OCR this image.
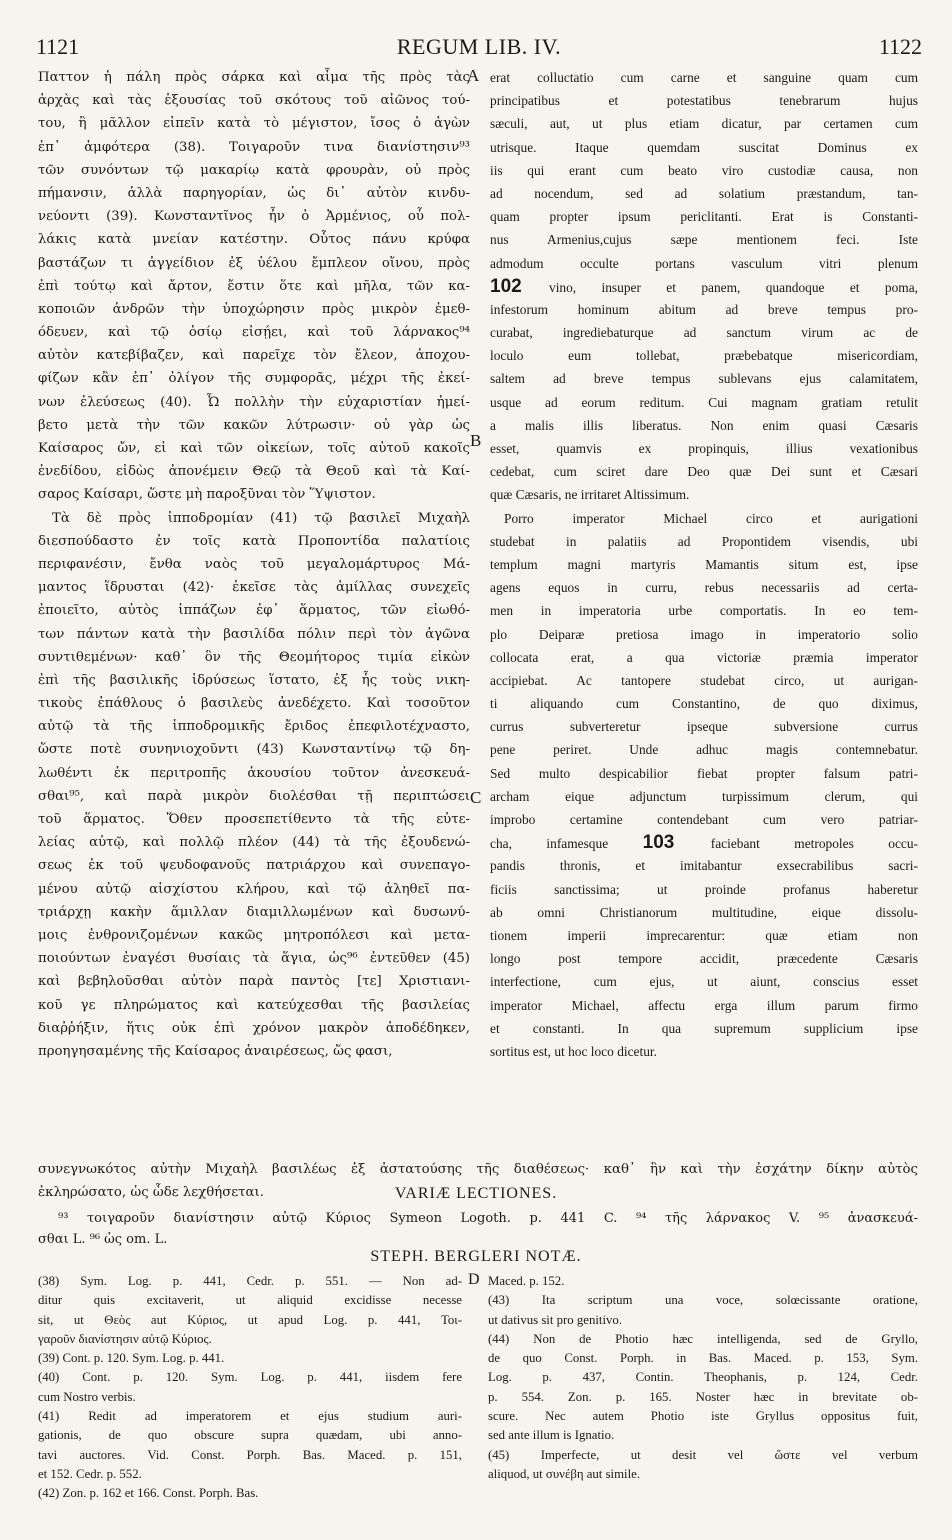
1121	REGUM LIB. IV.	1122
Παττον ἡ πάλη πρὸς σάρκα καὶ αἷμα τῆς πρὸς τὰς
ἀρχὰς καὶ τὰς ἐξουσίας τοῦ σκότους τοῦ αἰῶνος τού-
του, ἢ μᾶλλον εἰπεῖν κατὰ τὸ μέγιστον, ἴσος ὁ ἀγὼν
ἐπ᾿ ἀμφότερα (38). Τοιγαροῦν τινα διανίστησιν⁹³
τῶν συνόντων τῷ μακαρίῳ κατὰ φρουρὰν, οὐ πρὸς
πήμανσιν, ἀλλὰ παρηγορίαν, ὡς δι᾿ αὐτὸν κινδυ-
νεύοντι (39). Κωνσταντῖνος ἦν ὁ Ἀρμένιος, οὗ πολ-
λάκις κατὰ μνείαν κατέστην. Οὗτος πάνυ κρύφα
βαστάζων τι ἀγγείδιον ἐξ ὑέλου ἔμπλεον οἴνου, πρὸς
ἐπὶ τούτῳ καὶ ἄρτον, ἔστιν ὅτε καὶ μῆλα, τῶν κα-
κοποιῶν ἀνδρῶν τὴν ὑποχώρησιν πρὸς μικρὸν ἐμεθ-
όδευεν, καὶ τῷ ὁσίῳ εἰσῄει, καὶ τοῦ λάρνακος⁹⁴
αὐτὸν κατεβίβαζεν, καὶ παρεῖχε τὸν ἔλεον, ἀποχου-
φίζων κἂν ἐπ᾿ ὀλίγον τῆς συμφορᾶς, μέχρι τῆς ἐκεί-
νων ἐλεύσεως (40). Ὦ πολλὴν τὴν εὐχαριστίαν ἠμεί-
βετο μετὰ τὴν τῶν κακῶν λύτρωσιν· οὐ γὰρ ὡς
Καίσαρος ὤν, εἰ καὶ τῶν οἰκείων, τοῖς αὐτοῦ κακοῖς
ἐνεδίδου, εἰδὼς ἀπονέμειν Θεῷ τὰ Θεοῦ καὶ τὰ Καί-
σαρος Καίσαρι, ὥστε μὴ παροξῦναι τὸν Ὕψιστον.
Τὰ δὲ πρὸς ἱπποδρομίαν (41) τῷ βασιλεῖ Μιχαὴλ
διεσπούδαστο ἐν τοῖς κατὰ Προποντίδα παλατίοις
περιφανέσιν, ἔνθα ναὸς τοῦ μεγαλομάρτυρος Μά-
μαντος ἵδρυσται (42)· ἐκεῖσε τὰς ἁμίλλας συνεχεῖς
ἐποιεῖτο, αὐτὸς ἱππάζων ἐφ᾿ ἅρματος, τῶν εἰωθό-
των πάντων κατὰ τὴν βασιλίδα πόλιν περὶ τὸν ἀγῶνα
συντιθεμένων· καθ᾿ ὃν τῆς Θεομήτορος τιμία εἰκὼν
ἐπὶ τῆς βασιλικῆς ἱδρύσεως ἵστατο, ἐξ ἧς τοὺς νικη-
τικοὺς ἐπάθλους ὁ βασιλεὺς ἀνεδέχετο. Καὶ τοσοῦτον
αὐτῷ τὰ τῆς ἱπποδρομικῆς ἔριδος ἐπεφιλοτέχναστο,
ὥστε ποτὲ συνηνιοχοῦντι (43) Κωνσταντίνῳ τῷ δη-
λωθέντι ἐκ περιτροπῆς ἀκουσίου τοῦτον ἀνεσκευά-
σθαι⁹⁵, καὶ παρὰ μικρὸν διολέσθαι τῇ περιπτώσει
τοῦ ἅρματος. Ὅθεν προσεπετίθεντο τὰ τῆς εὐτε-
λείας αὐτῷ, καὶ πολλῷ πλέον (44) τὰ τῆς ἐξουδενώ-
σεως ἐκ τοῦ ψευδοφανοῦς πατριάρχου καὶ συνεπαγο-
μένου αὐτῷ αἰσχίστου κλήρου, καὶ τῷ ἀληθεῖ πα-
τριάρχῃ κακὴν ἅμιλλαν διαμιλλωμένων καὶ δυσωνύ-
μοις ἐνθρονιζομένων κακῶς μητροπόλεσι καὶ μετα-
ποιούντων ἐναγέσι θυσίαις τὰ ἅγια, ὡς⁹⁶ ἐντεῦθεν (45)
καὶ βεβηλοῦσθαι αὐτὸν παρὰ παντὸς [τε] Χριστιανι-
κοῦ γε πληρώματος καὶ κατεύχεσθαι τῆς βασιλείας
διαῤῥήξιν, ἥτις οὐκ ἐπὶ χρόνον μακρὸν ἀποδέδηκεν,
προηγησαμένης τῆς Καίσαρος ἀναιρέσεως, ὥς φασι,
erat colluctatio cum carne et sanguine quam cum
principatibus et potestatibus tenebrarum hujus
sæculi, aut, ut plus etiam dicatur, par certamen cum
utrisque. Itaque quemdam suscitat Dominus ex
iis qui erant cum beato viro custodiæ causa, non
ad nocendum, sed ad solatium præstandum, tan-
quam propter ipsum periclitanti. Erat is Constanti-
nus Armenius,cujus sæpe mentionem feci. Iste
admodum occulte portans vasculum vitri plenum
102 vino, insuper et panem, quandoque et poma,
infestorum hominum abitum ad breve tempus pro-
curabat, ingrediebaturque ad sanctum virum ac de
loculo eum tollebat, præbebatque misericordiam,
saltem ad breve tempus sublevans ejus calamitatem,
usque ad eorum reditum. Cui magnam gratiam retulit
a malis illis liberatus. Non enim quasi Cæsaris
esset, quamvis ex propinquis, illius vexationibus
cedebat, cum sciret dare Deo quæ Dei sunt et Cæsari
quæ Cæsaris, ne irritaret Altissimum.
Porro imperator Michael circo et aurigationi
studebat in palatiis ad Propontidem visendis, ubi
templum magni martyris Mamantis situm est, ipse
agens equos in curru, rebus necessariis ad certa-
men in imperatoria urbe comportatis. In eo tem-
plo Deiparæ pretiosa imago in imperatorio solio
collocata erat, a qua victoriæ præmia imperator
accipiebat. Ac tantopere studebat circo, ut aurigan-
ti aliquando cum Constantino, de quo diximus,
currus subverteretur ipseque subversione currus
pene periret. Unde adhuc magis contemnebatur.
Sed multo despicabilior fiebat propter falsum patri-
archam eique adjunctum turpissimum clerum, qui
improbo certamine contendebant cum vero patriar-
cha, infamesque 103 faciebant metropoles occu-
pandis thronis, et imitabantur exsecrabilibus sacri-
ficiis sanctissima; ut proinde profanus haberetur
ab omni Christianorum multitudine, eique dissolu-
tionem imperii imprecarentur: quæ etiam non
longo post tempore accidit, præcedente Cæsaris
interfectione, cum ejus, ut aiunt, conscius esset
imperator Michael, affectu erga illum parum firmo
et constanti. In qua supremum supplicium ipse
sortitus est, ut hoc loco dicetur.
A
B
C
συνεγνωκότος αὐτὴν Μιχαὴλ βασιλέως ἐξ ἀστατούσης τῆς διαθέσεως· καθ᾿ ἣν καὶ τὴν ἐσχάτην δίκην αὐτὸς
ἐκληρώσατο, ὡς ὧδε λεχθήσεται.	VARIÆ LECTIONES.
⁹³ τοιγαροῦν διανίστησιν αὐτῷ Κύριος Symeon Logoth. p. 441 C. ⁹⁴ τῆς λάρνακος V. ⁹⁵ ἀνασκευά-
σθαι L. ⁹⁶ ὡς om. L.
STEPH. BERGLERI NOTÆ.
(38) Sym. Log. p. 441, Cedr. p. 551. — Non ad-
ditur quis excitaverit, ut aliquid excidisse necesse
sit, ut Θεὸς aut Κύριος, ut apud Log. p. 441, Τοι-
γαροῦν διανίστησιν αὐτῷ Κύριος.
(39) Cont. p. 120. Sym. Log. p. 441.
(40) Cont. p. 120. Sym. Log. p. 441, iisdem fere
cum Nostro verbis.
(41) Redit ad imperatorem et ejus studium auri-
gationis, de quo obscure supra quædam, ubi anno-
tavi auctores. Vid. Const. Porph. Bas. Maced. p. 151,
et 152. Cedr. p. 552.
(42) Zon. p. 162 et 166. Const. Porph. Bas.
Maced. p. 152.
(43) Ita scriptum una voce, solœcissante oratione,
ut dativus sit pro genitivo.
(44) Non de Photio hæc intelligenda, sed de Gryllo,
de quo Const. Porph. in Bas. Maced. p. 153, Sym.
Log. p. 437, Contin. Theophanis, p. 124, Cedr.
p. 554. Zon. p. 165. Noster hæc in brevitate ob-
scure. Nec autem Photio iste Gryllus oppositus fuit,
sed ante illum is Ignatio.
(45) Imperfecte, ut desit vel ὥστε vel verbum
aliquod, ut συνέβη aut simile.
D
